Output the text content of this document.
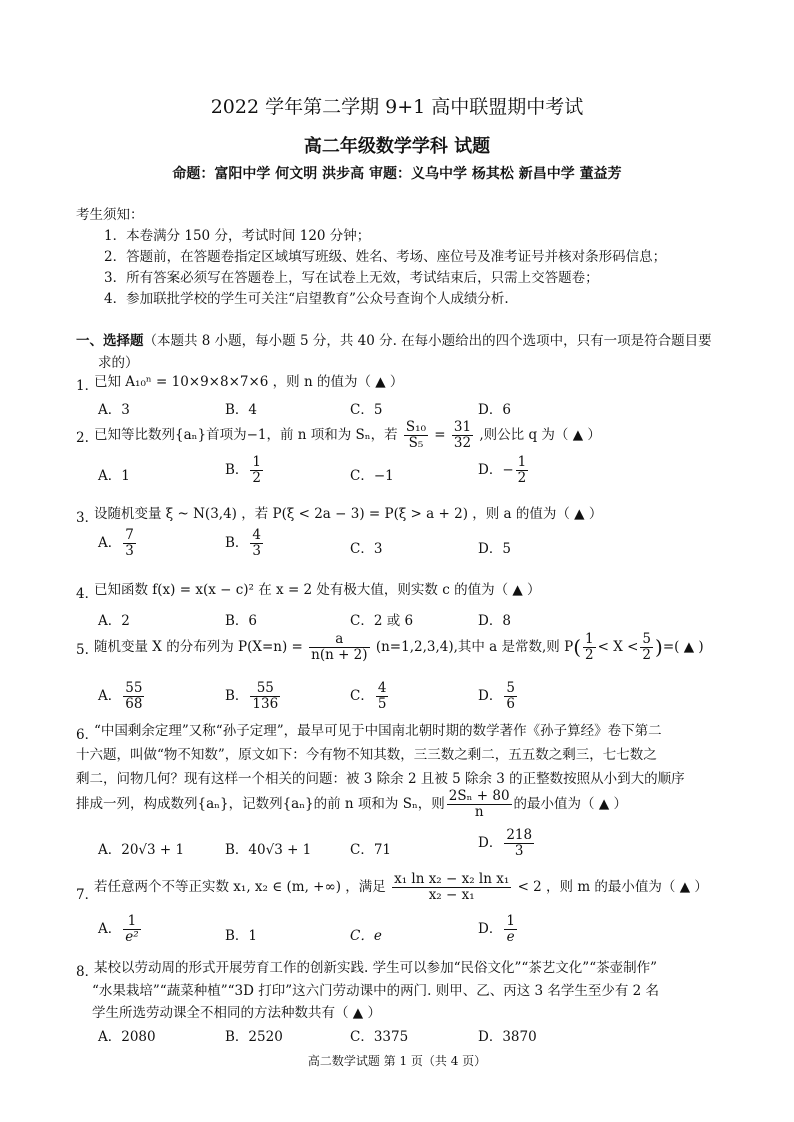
2022 学年第二学期 9+1 高中联盟期中考试
高二年级数学学科 试题
命题：富阳中学 何文明 洪步高 审题：义乌中学 杨其松 新昌中学 董益芳
考生须知：
1．本卷满分 150 分，考试时间 120 分钟；
2．答题前，在答题卷指定区域填写班级、姓名、考场、座位号及准考证号并核对条形码信息；
3．所有答案必须写在答题卷上，写在试卷上无效，考试结束后，只需上交答题卷；
4．参加联批学校的学生可关注“启望教育”公众号查询个人成绩分析.
一、选择题（本题共 8 小题，每小题 5 分，共 40 分. 在每小题给出的四个选项中，只有一项是符合题目要
求的）
1．
已知 A₁₀ⁿ = 10×9×8×7×6 ，则 n 的值为（ ▲ ）
A．3	B．4	C．5	D．6
2. 已知等比数列{aₙ}首项为−1，前 n 项和为 Sₙ，若 $\frac{\text{S₁₀}}{\text{S₅}} = \frac{31}{32}$ ,则公比 q 为（ ▲ ）
A．1	B． $\frac{1}{2}$	C．−1	D．− $\frac{1}{2}$
3．
设随机变量 ξ ~ N(3,4) ，若 P(ξ < 2a − 3) = P(ξ > a + 2) ，则 a 的值为（ ▲ ）
A． $\frac{7}{3}$	B． $\frac{4}{3}$	C．3	D．5
4．
已知函数 f(x) = x(x − c)² 在 x = 2 处有极大值，则实数 c 的值为（ ▲ ）
A．2	B．6	C．2 或 6	D．8
5. 随机变量 X 的分布列为 $P(X=n) = \frac{a}{n(n + 2)} (n=1,2,3,4)$,其中 a 是常数,则 $P( \frac{1}{2} < X < \frac{5}{2}$ )=( ▲ )
A． $\frac{55}{68}$	B． $\frac{55}{136}$	C． $\frac{4}{5}$	D． $\frac{5}{6}$
6．
“中国剩余定理”又称“孙子定理”，最早可见于中国南北朝时期的数学著作《孙子算经》卷下第二
十六题，叫做“物不知数”，原文如下：今有物不知其数，三三数之剩二，五五数之剩三，七七数之
剩二，问物几何？现有这样一个相关的问题：被 3 除余 2 且被 5 除余 3 的正整数按照从小到大的顺序
排成一列，构成数列{aₙ}，记数列{aₙ}的前 n 项和为 Sₙ，则 $\frac{\text{2Sₙ + 80}}{n}$ 的最小值为（ ▲ ）
A．20√3 + 1	B．40√3 + 1	C．71	D． $\frac{218}{3}$
7．
若任意两个不等正实数 x₁, x₂ ∈ (m, +∞) ，满足 $\frac{\text{x₁ ln x₂ − x₂ ln x₁}}{\text{x₂ − x₁}} < 2$ ，则 m 的最小值为（ ▲ ）
A． $\frac{1}{\text{e²}}$	B．1	C．e	D． $\frac{1}{e}$
8．
某校以劳动周的形式开展劳育工作的创新实践. 学生可以参加“民俗文化”“茶艺文化”“茶壶制作”
“水果栽培”“蔬菜种植”“3D 打印”这六门劳动课中的两门. 则甲、乙、丙这 3 名学生至少有 2 名
学生所选劳动课全不相同的方法种数共有（ ▲ ）
A．2080	B．2520	C．3375	D．3870
高二数学试题 第 1 页（共 4 页）
